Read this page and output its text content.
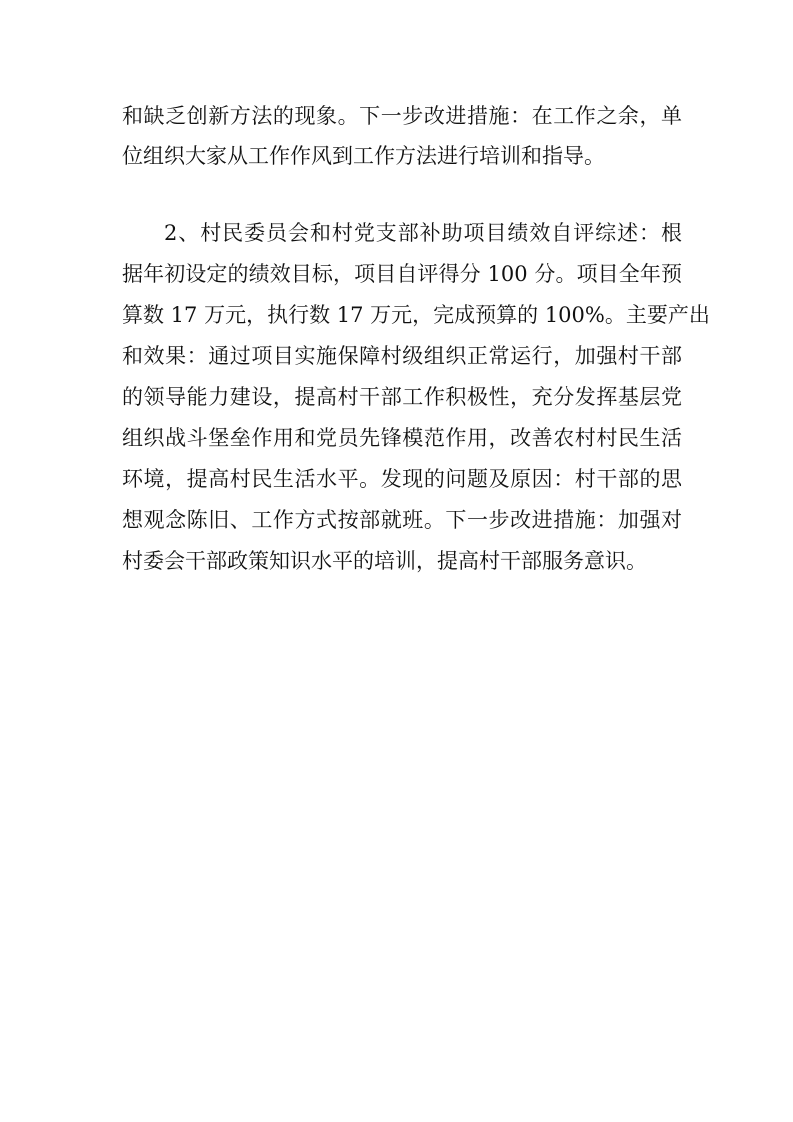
和缺乏创新方法的现象。下一步改进措施：在工作之余，单
位组织大家从工作作风到工作方法进行培训和指导。
2、村民委员会和村党支部补助项目绩效自评综述：根
据年初设定的绩效目标，项目自评得分 100 分。项目全年预
算数 17 万元，执行数 17 万元，完成预算的 100%。主要产出
和效果：通过项目实施保障村级组织正常运行，加强村干部
的领导能力建设，提高村干部工作积极性，充分发挥基层党
组织战斗堡垒作用和党员先锋模范作用，改善农村村民生活
环境，提高村民生活水平。发现的问题及原因：村干部的思
想观念陈旧、工作方式按部就班。下一步改进措施：加强对
村委会干部政策知识水平的培训，提高村干部服务意识。
